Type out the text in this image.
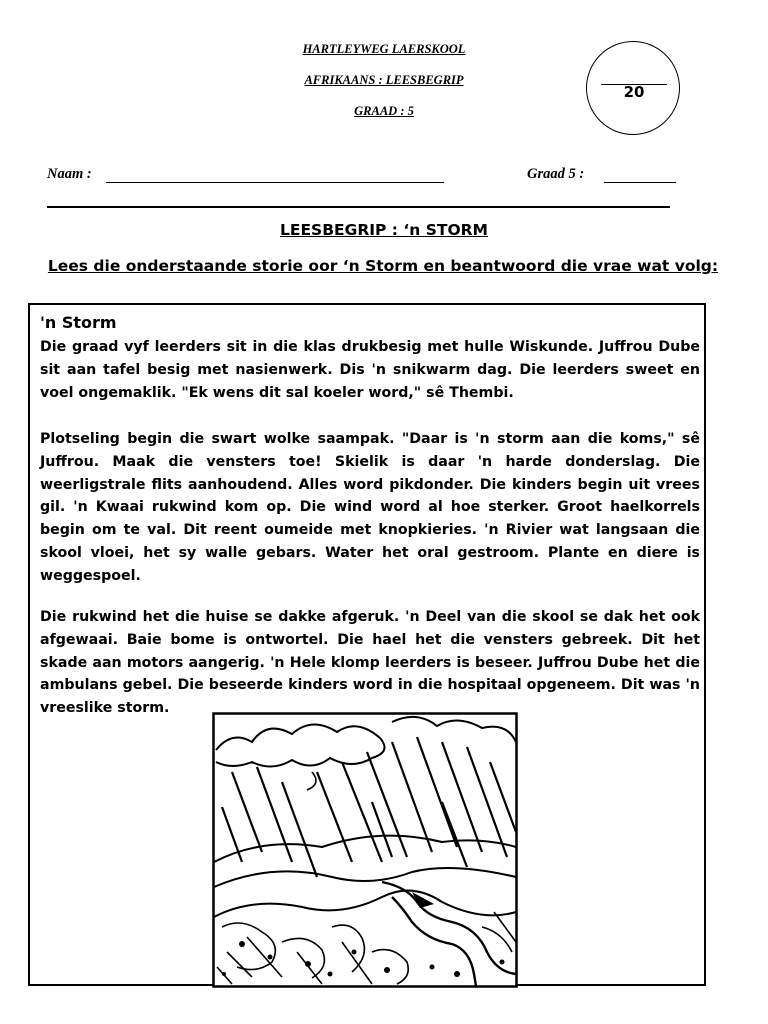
HARTLEYWEG LAERSKOOL
AFRIKAANS : LEESBEGRIP
GRAAD : 5
20
Naam :	Graad 5 :
LEESBEGRIP : ‘n STORM
Lees die onderstaande storie oor ‘n Storm en beantwoord die vrae wat volg:
'n Storm

Die graad vyf leerders sit in die klas drukbesig met hulle Wiskunde. Juffrou Dube sit aan tafel besig met nasienwerk. Dis 'n snikwarm dag. Die leerders sweet en voel ongemaklik. "Ek wens dit sal koeler word," sê Thembi.

Plotseling begin die swart wolke saampak. "Daar is 'n storm aan die koms," sê Juffrou. Maak die vensters toe! Skielik is daar 'n harde donderslag. Die weerligstrale flits aanhoudend. Alles word pikdonder. Die kinders begin uit vrees gil. 'n Kwaai rukwind kom op. Die wind word al hoe sterker. Groot haelkorrels begin om te val. Dit reent oumeide met knopkieries. 'n Rivier wat langsaan die skool vloei, het sy walle gebars. Water het oral gestroom. Plante en diere is weggespoel.

Die rukwind het die huise se dakke afgeruk. 'n Deel van die skool se dak het ook afgewaai. Baie bome is ontwortel. Die hael het die vensters gebreek. Dit het skade aan motors aangerig. 'n Hele klomp leerders is beseer. Juffrou Dube het die ambulans gebel. Die beseerde kinders word in die hospitaal opgeneem. Dit was 'n vreeslike storm.
